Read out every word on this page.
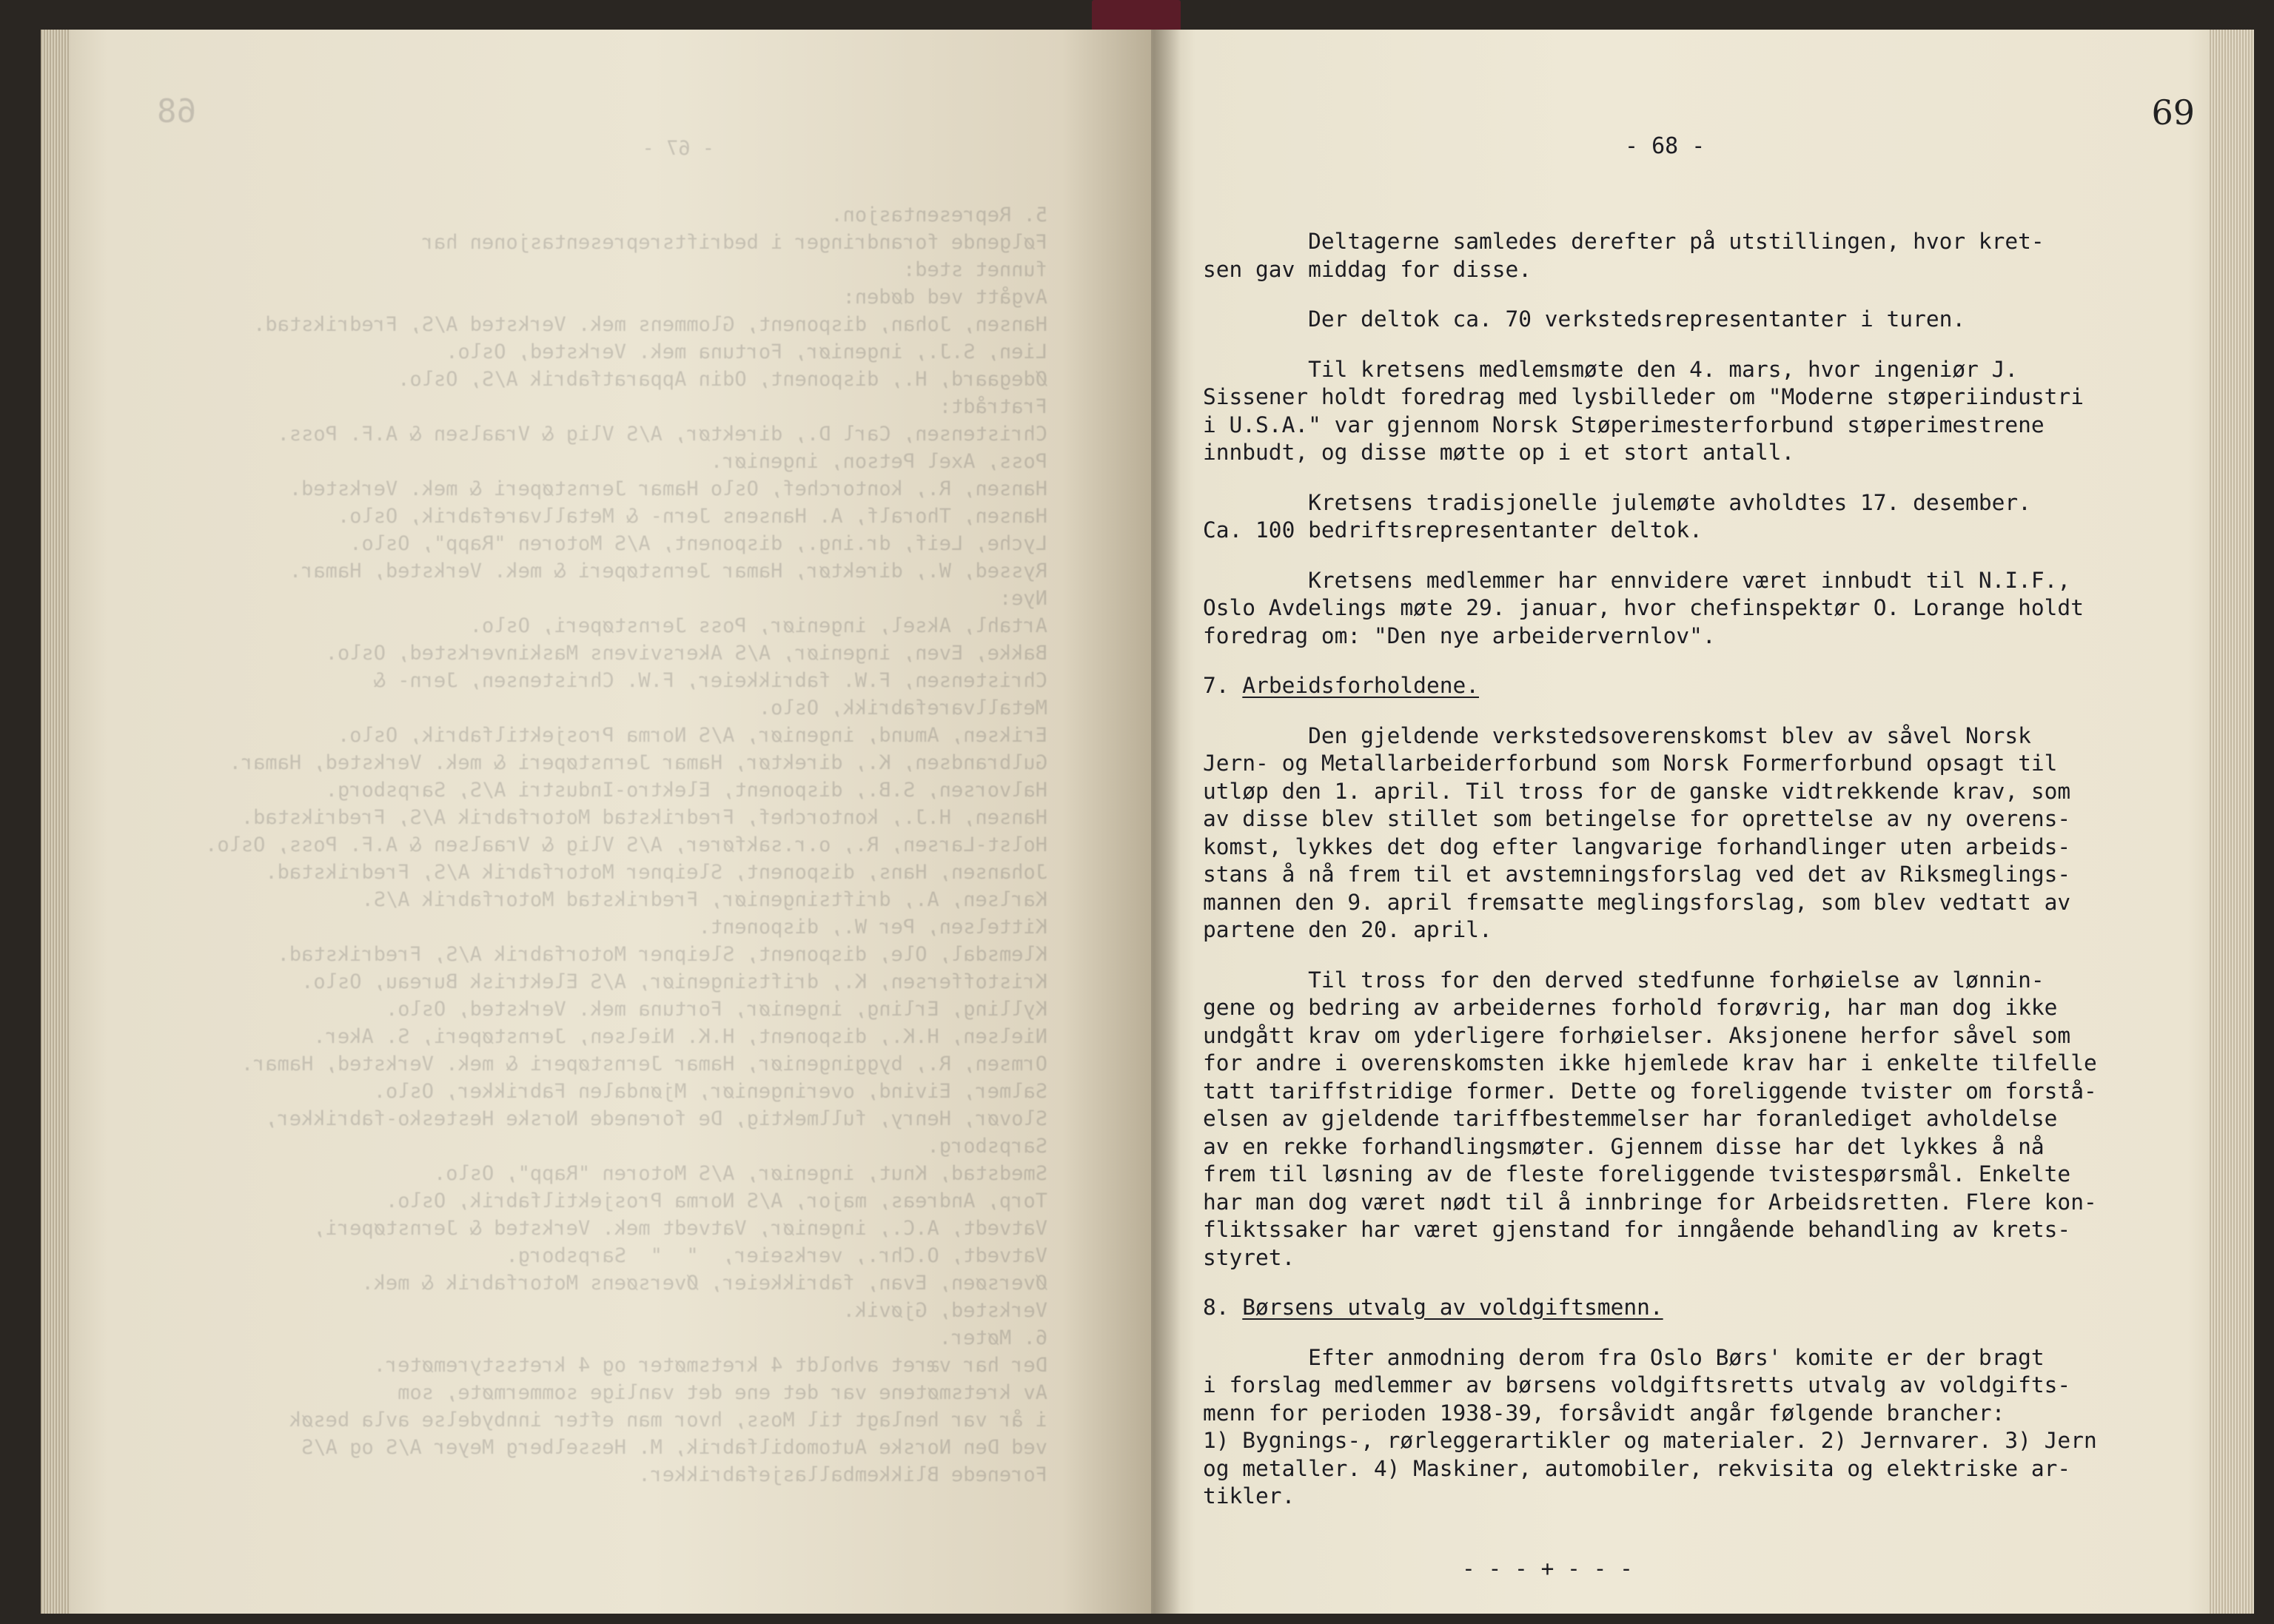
68
- 67 -
5. Representasjon.
Følgende forandringer i bedriftsrepresentasjonen har
funnet sted:
Avgått ved døden:
Hansen, Johan, disponent, Glommens mek. Verksted A/S, Fredrikstad.
Lien, S.J., ingeniør, Fortuna mek. Verksted, Oslo.
Ødegaard, H., disponent, Odin Apparatfabrik A/S, Oslo.
Fratrådt:
Christensen, Carl D., direktør, A/S Vlig & Vraalsen & A.F. Poss.
Poss, Axel Petson, ingeniør.
Hansen, R., kontorchef, Oslo Hamar Jernstøperi & mek. Verksted.
Hansen, Thoralf, A. Hansens Jern- & Metallvarefabrik, Oslo.
Lyche, Leif, dr.ing., disponent, A/S Motoren "Rapp", Oslo.
Ryssed, W., direktør, Hamar Jernstøperi & mek. Verksted, Hamar.
Nye:
Artahl, Aksel, ingeniør, Poss Jernstøperi, Oslo.
Bakke, Even, ingeniør, A/S Akersvivens Maskinverksted, Oslo.
Christensen, F.W. fabrikkeier, F.W. Christensen, Jern- &
Metallvarefabrikk, Oslo.
Eriksen, Amund, ingeniør, A/S Norma Prosjektilfabrik, Oslo.
Gulbrandsen, K., direktør, Hamar Jernstøperi & mek. Verksted, Hamar.
Halvorsen, S.B., disponent, Elektro-Industri A/S, Sarpsborg.
Hansen, H.J., kontorchef, Fredrikstad Motorfabrik A/S, Fredrikstad.
Holst-Larsen, R., o.r.sakfører, A/S Vlig & Vraalsen & A.F. Poss, Oslo.
Johansen, Hans, disponent, Sleipner Motorfabrik A/S, Fredrikstad.
Karlsen, A., driftsingeniør, Fredrikstad Motorfabrik A/S.
Kittelsen, Per W., disponent.
Klemsdal, Ole, disponent, Sleipner Motorfabrik A/S, Fredrikstad.
Kristoffersen, K., driftsingeniør, A/S Elektrisk Bureau, Oslo.
Kylling, Erling, ingeniør, Fortuna mek. Verksted, Oslo.
Nielsen, H.K., disponent, H.K. Nielsen, Jernstøperi, S. Aker.
Ormsen, R., byggingeniør, Hamar Jernstøperi & mek. Verksted, Hamar.
Salmer, Eivind, overingeniør, Mjøndalen Fabrikker, Oslo.
Slovør, Henry, fullmektig, De forenede Norske Hestesko-fabrikker,
Sarpsborg.
Smedstad, Knut, ingeniør, A/S Motoren "Rapp", Oslo.
Torp, Andreas, major, A/S Norma Prosjektilfabrik, Oslo.
Vatvedt, A.C., ingeniør, Vatvedt mek. Verksted & Jernstøperi,
Vatvedt, O.Chr., verkseier,  "  "  Sarpsborg.
Øversøen, Evan, fabrikkeier, Øversøens Motorfabrik & mek.
Verksted, Gjøvik.
6. Møter.
Der har været avholdt 4 kretsmøter og 4 kretsstyremøter.
Av kretsmøtene var det ene det vanlige sommermøte, som
i år var henlagt til Moss, hvor man efter innbydelse avla besøk
ved Den Norske Automobilfabrik, M. Hesselberg Meyer A/S og A/S
Forenede Blikkemballasjefabrikker.
69
- 68 -
Deltagerne samledes derefter på utstillingen, hvor kret-
sen gav middag for disse.
Der deltok ca. 70 verkstedsrepresentanter i turen.
Til kretsens medlemsmøte den 4. mars, hvor ingeniør J.
Sissener holdt foredrag med lysbilleder om "Moderne støperiindustri
i U.S.A." var gjennom Norsk Støperimesterforbund støperimestrene
innbudt, og disse møtte op i et stort antall.
Kretsens tradisjonelle julemøte avholdtes 17. desember.
Ca. 100 bedriftsrepresentanter deltok.
Kretsens medlemmer har ennvidere været innbudt til N.I.F.,
Oslo Avdelings møte 29. januar, hvor chefinspektør O. Lorange holdt
foredrag om: "Den nye arbeidervernlov".
7. Arbeidsforholdene.
Den gjeldende verkstedsoverenskomst blev av såvel Norsk
Jern- og Metallarbeiderforbund som Norsk Formerforbund opsagt til
utløp den 1. april. Til tross for de ganske vidtrekkende krav, som
av disse blev stillet som betingelse for oprettelse av ny overens-
komst, lykkes det dog efter langvarige forhandlinger uten arbeids-
stans å nå frem til et avstemningsforslag ved det av Riksmeglings-
mannen den 9. april fremsatte meglingsforslag, som blev vedtatt av
partene den 20. april.
Til tross for den derved stedfunne forhøielse av lønnin-
gene og bedring av arbeidernes forhold forøvrig, har man dog ikke
undgått krav om yderligere forhøielser. Aksjonene herfor såvel som
for andre i overenskomsten ikke hjemlede krav har i enkelte tilfelle
tatt tariffstridige former. Dette og foreliggende tvister om forstå-
elsen av gjeldende tariffbestemmelser har foranlediget avholdelse
av en rekke forhandlingsmøter. Gjennem disse har det lykkes å nå
frem til løsning av de fleste foreliggende tvistespørsmål. Enkelte
har man dog været nødt til å innbringe for Arbeidsretten. Flere kon-
fliktssaker har været gjenstand for inngående behandling av krets-
styret.
8. Børsens utvalg av voldgiftsmenn.
Efter anmodning derom fra Oslo Børs' komite er der bragt
i forslag medlemmer av børsens voldgiftsretts utvalg av voldgifts-
menn for perioden 1938-39, forsåvidt angår følgende brancher:
1) Bygnings-, rørleggerartikler og materialer. 2) Jernvarer. 3) Jern
og metaller. 4) Maskiner, automobiler, rekvisita og elektriske ar-
tikler.
- - - + - - -
